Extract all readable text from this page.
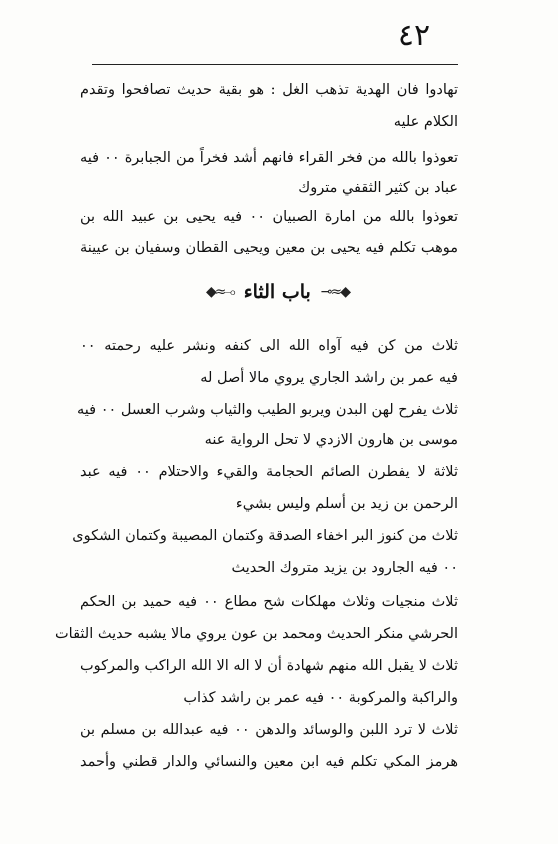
٤٢
تهادوا فان الهدية تذهب الغل : هو بقية حديث تصافحوا وتقدم
الكلام عليه
تعوذوا بالله من فخر القراء فانهم أشد فخراً من الجبابرة ٠٠ فيه
عباد بن كثير الثقفي متروك
تعوذوا بالله من امارة الصبيان ٠٠ فيه يحيى بن عبيد الله بن
موهب تكلم فيه يحيى بن معين ويحيى القطان وسفيان بن عيينة
◆≈⊸
باب الثاء
⟜≈◆
ثلاث من كن فيه آواه الله الى كنفه ونشر عليه رحمته ٠٠
فيه عمر بن راشد الجاري يروي مالا أصل له
ثلاث يفرح لهن البدن ويربو الطيب والثياب وشرب العسل ٠٠ فيه
موسى بن هارون الازدي لا تحل الرواية عنه
ثلاثة لا يفطرن الصائم الحجامة والقيء والاحتلام ٠٠ فيه عبد
الرحمن بن زيد بن أسلم وليس بشيء
ثلاث من كنوز البر اخفاء الصدقة وكتمان المصيبة وكتمان الشكوى
٠٠ فيه الجارود بن يزيد متروك الحديث
ثلاث منجيات وثلاث مهلكات شح مطاع ٠٠ فيه حميد بن الحكم
الحرشي منكر الحديث ومحمد بن عون يروي مالا يشبه حديث الثقات
ثلاث لا يقبل الله منهم شهادة أن لا اله الا الله الراكب والمركوب
والراكبة والمركوبة ٠٠ فيه عمر بن راشد كذاب
ثلاث لا ترد اللبن والوسائد والدهن ٠٠ فيه عبدالله بن مسلم بن
هرمز المكي تكلم فيه ابن معين والنسائي والدار قطني وأحمد
